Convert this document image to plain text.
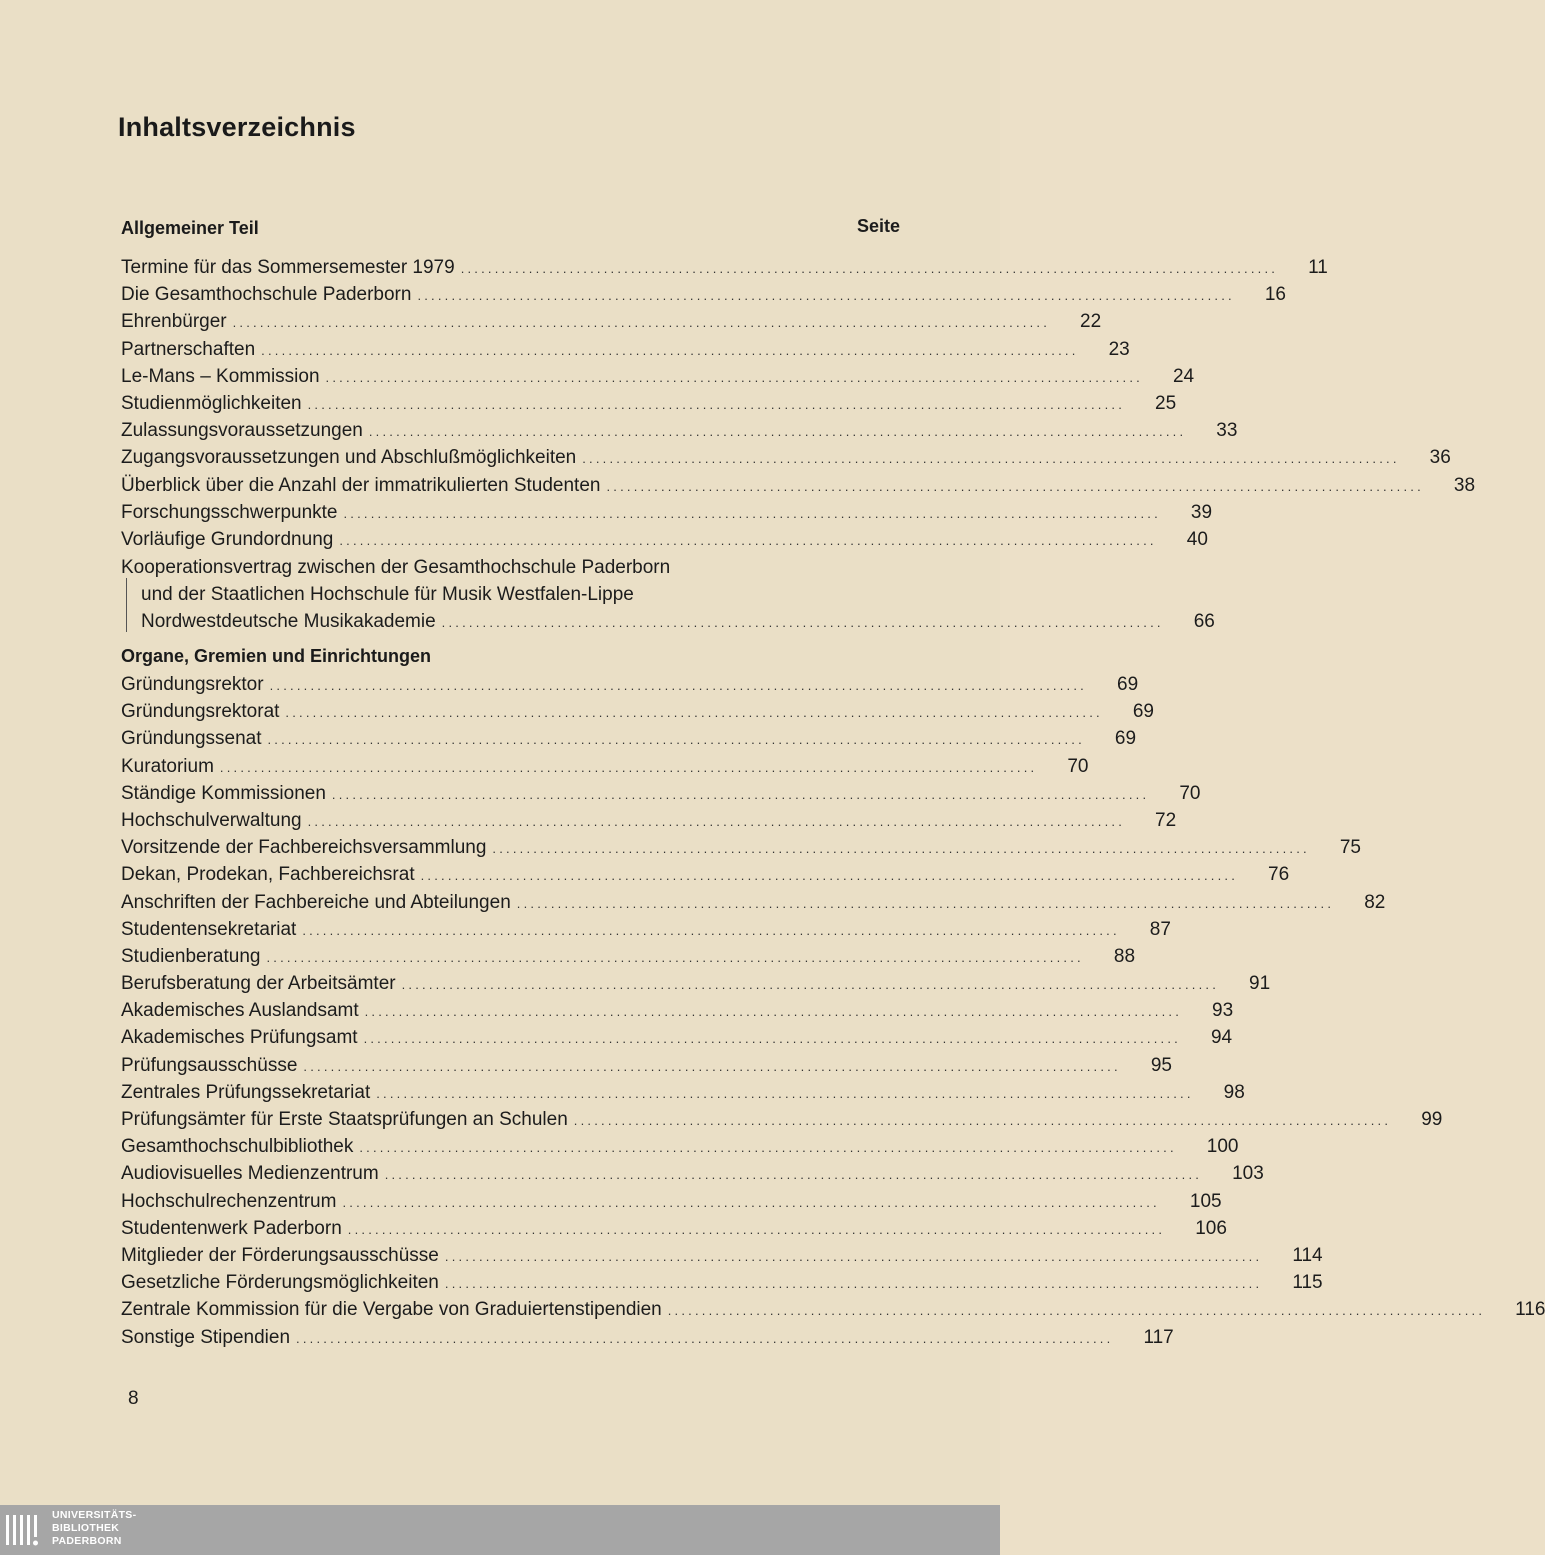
Inhaltsverzeichnis
Allgemeiner Teil	Seite
Termine für das Sommersemester 1979 ........................................................................................................................ 11
Die Gesamthochschule Paderborn ........................................................................................................................ 16
Ehrenbürger ........................................................................................................................ 22
Partnerschaften ........................................................................................................................ 23
Le-Mans – Kommission ........................................................................................................................ 24
Studienmöglichkeiten ........................................................................................................................ 25
Zulassungsvoraussetzungen ........................................................................................................................ 33
Zugangsvoraussetzungen und Abschlußmöglichkeiten ........................................................................................................................ 36
Überblick über die Anzahl der immatrikulierten Studenten ........................................................................................................................ 38
Forschungsschwerpunkte ........................................................................................................................ 39
Vorläufige Grundordnung ........................................................................................................................ 40
Kooperationsvertrag zwischen der Gesamthochschule Paderborn
und der Staatlichen Hochschule für Musik Westfalen-Lippe
Nordwestdeutsche Musikakademie .......................................................................................................... 66
Organe, Gremien und Einrichtungen
Gründungsrektor ........................................................................................................................ 69
Gründungsrektorat ........................................................................................................................ 69
Gründungssenat ........................................................................................................................ 69
Kuratorium ........................................................................................................................ 70
Ständige Kommissionen ........................................................................................................................ 70
Hochschulverwaltung ........................................................................................................................ 72
Vorsitzende der Fachbereichsversammlung ........................................................................................................................ 75
Dekan, Prodekan, Fachbereichsrat ........................................................................................................................ 76
Anschriften der Fachbereiche und Abteilungen ........................................................................................................................ 82
Studentensekretariat ........................................................................................................................ 87
Studienberatung ........................................................................................................................ 88
Berufsberatung der Arbeitsämter ........................................................................................................................ 91
Akademisches Auslandsamt ........................................................................................................................ 93
Akademisches Prüfungsamt ........................................................................................................................ 94
Prüfungsausschüsse ........................................................................................................................ 95
Zentrales Prüfungssekretariat ........................................................................................................................ 98
Prüfungsämter für Erste Staatsprüfungen an Schulen ........................................................................................................................ 99
Gesamthochschulbibliothek ........................................................................................................................ 100
Audiovisuelles Medienzentrum ........................................................................................................................ 103
Hochschulrechenzentrum ........................................................................................................................ 105
Studentenwerk Paderborn ........................................................................................................................ 106
Mitglieder der Förderungsausschüsse ........................................................................................................................ 114
Gesetzliche Förderungsmöglichkeiten ........................................................................................................................ 115
Zentrale Kommission für die Vergabe von Graduiertenstipendien ........................................................................................................................ 116
Sonstige Stipendien ........................................................................................................................ 117
8
UNIVERSITÄTS-
BIBLIOTHEK
PADERBORN
